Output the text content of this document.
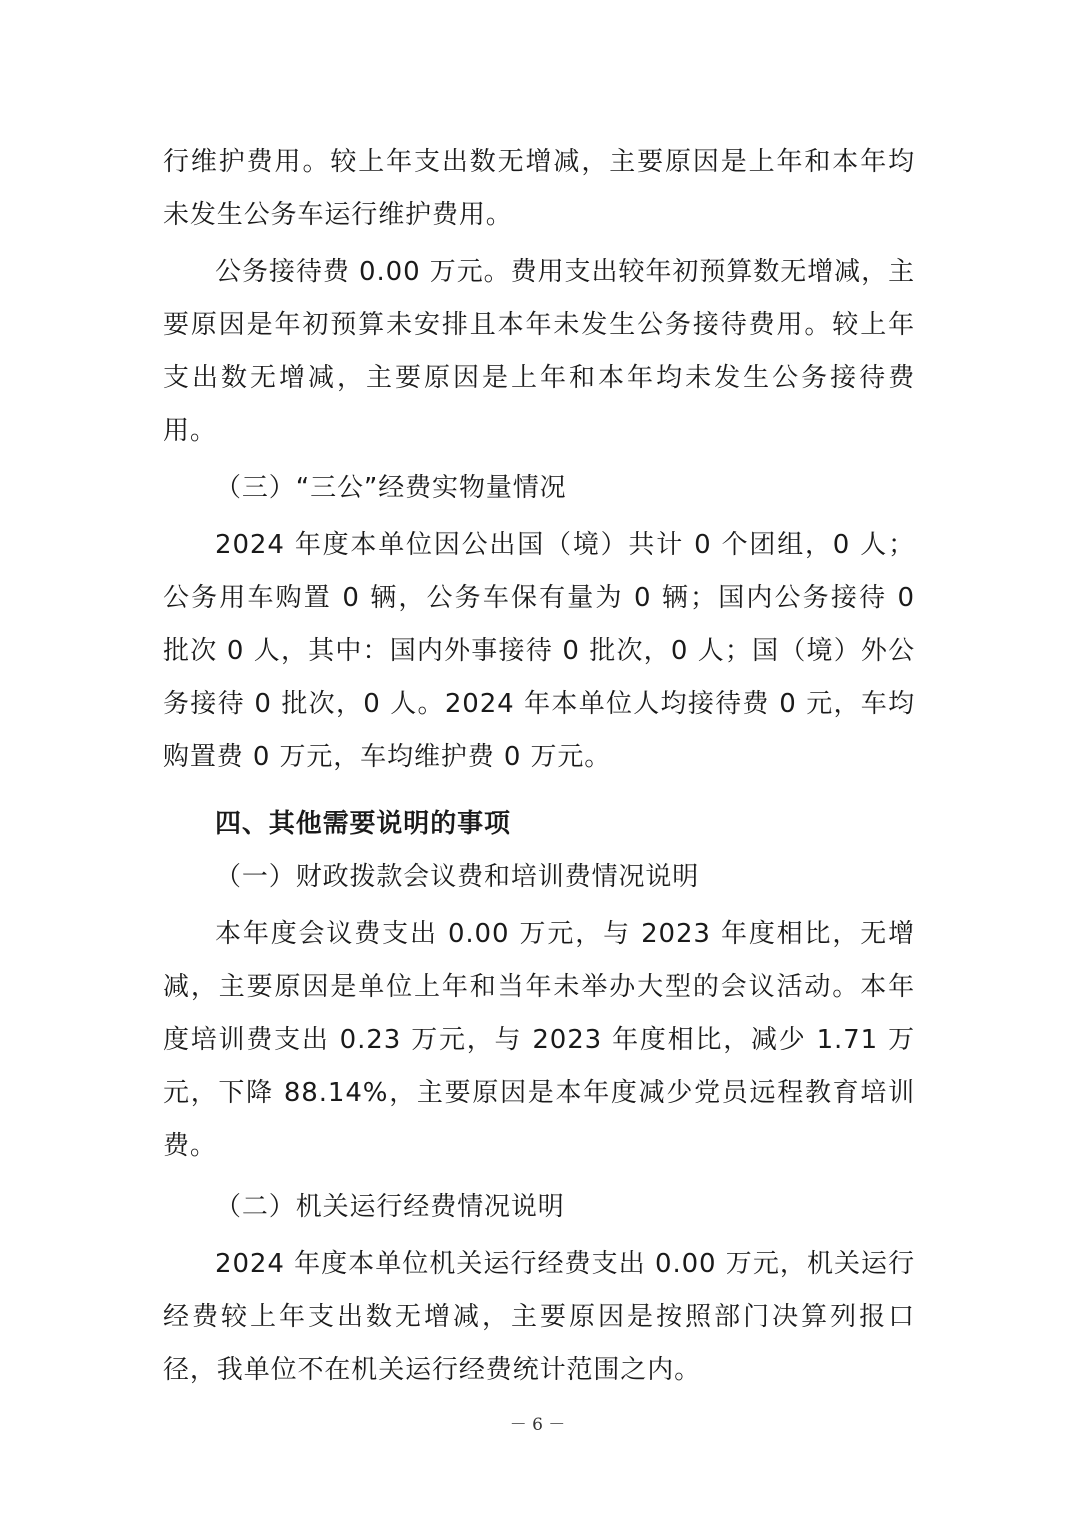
行维护费用。较上年支出数无增减，主要原因是上年和本年均未发生公务车运行维护费用。

公务接待费 0.00 万元。费用支出较年初预算数无增减，主要原因是年初预算未安排且本年未发生公务接待费用。较上年支出数无增减，主要原因是上年和本年均未发生公务接待费用。

（三）“三公”经费实物量情况

2024 年度本单位因公出国（境）共计 0 个团组，0 人；公务用车购置 0 辆，公务车保有量为 0 辆；国内公务接待 0 批次 0 人，其中：国内外事接待 0 批次，0 人；国（境）外公务接待 0 批次，0 人。2024 年本单位人均接待费 0 元，车均购置费 0 万元，车均维护费 0 万元。

四、其他需要说明的事项

（一）财政拨款会议费和培训费情况说明

本年度会议费支出 0.00 万元，与 2023 年度相比，无增减，主要原因是单位上年和当年未举办大型的会议活动。本年度培训费支出 0.23 万元，与 2023 年度相比，减少 1.71 万元，下降 88.14%，主要原因是本年度减少党员远程教育培训费。

（二）机关运行经费情况说明

2024 年度本单位机关运行经费支出 0.00 万元，机关运行经费较上年支出数无增减，主要原因是按照部门决算列报口径，我单位不在机关运行经费统计范围之内。

－ 6 －
